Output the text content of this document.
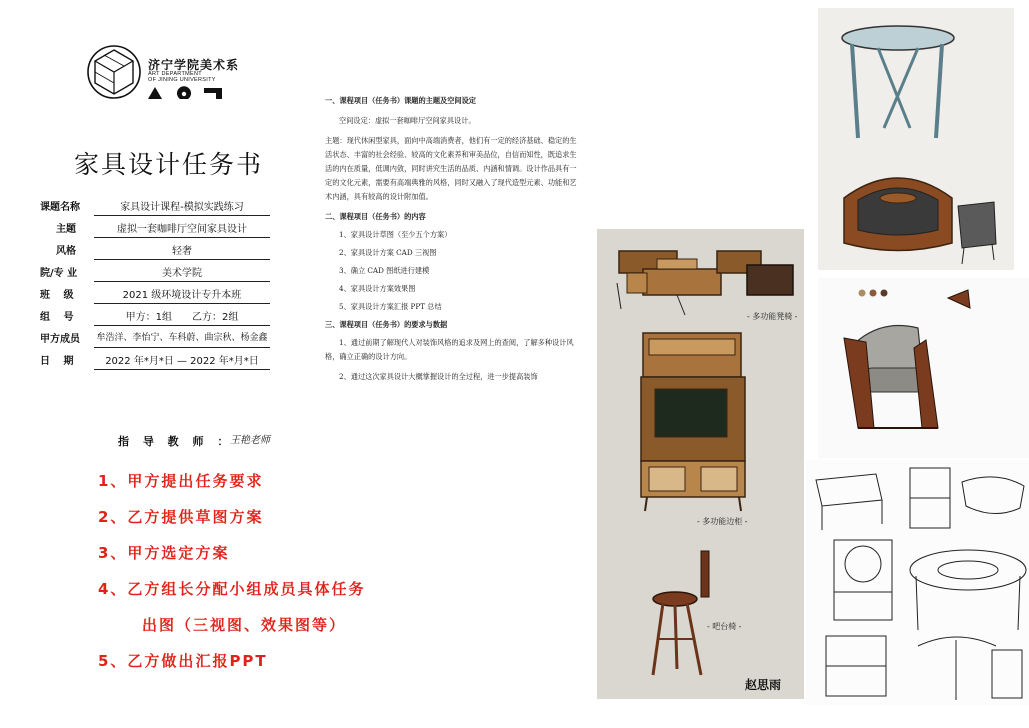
济宁学院美术系
ART DEPARTMENT
OF JINING UNIVERSITY
家具设计任务书
课题名称	家具设计课程-模拟实践练习
主题	虚拟一套咖啡厅空间家具设计
风格	轻奢
院/专 业	美术学院
班　 级	2021 级环境设计专升本班
组　 号	甲方：1组　　乙方：2组
甲方成员	牟浩洋、李怡宁、车科蔚、曲宗秋、杨金鑫
日　 期	2022 年*月*日 — 2022 年*月*日
指 导 教 师 ：
王艳老师
1、甲方提出任务要求
2、乙方提供草图方案
3、甲方选定方案
4、乙方组长分配小组成员具体任务
出图（三视图、效果图等）
5、乙方做出汇报PPT

一、课程项目（任务书）课题的主题及空间设定

空间设定：虚拟一套咖啡厅空间家具设计。

主题：现代休闲型家具，面向中高端消费者，他们有一定的经济基础、稳定的生活状态、丰富的社会经验、较高的文化素养和审美品位，自信而知性，既追求生活的内在质量，低调内敛，同时讲究生活的品质、内涵和情调。设计作品具有一定的文化元素，需要有高端典雅的风格，同时又融入了现代造型元素、功能和艺术内涵，具有较高的设计附加值。

二、课程项目（任务书）的内容

1、家具设计草图（至少五个方案）

2、家具设计方案 CAD 三视图

3、确立 CAD 图纸进行建模

4、家具设计方案效果图

5、家具设计方案汇报 PPT 总结

三、课程项目（任务书）的要求与数据

1、通过前期了解现代人对装饰风格的追求及网上的查阅，了解多种设计风格，确立正确的设计方向。

2、通过这次家具设计大概掌握设计的全过程，进一步提高装饰

- 多功能凳椅 -
- 多功能边柜 -
- 吧台椅 -
赵思雨
